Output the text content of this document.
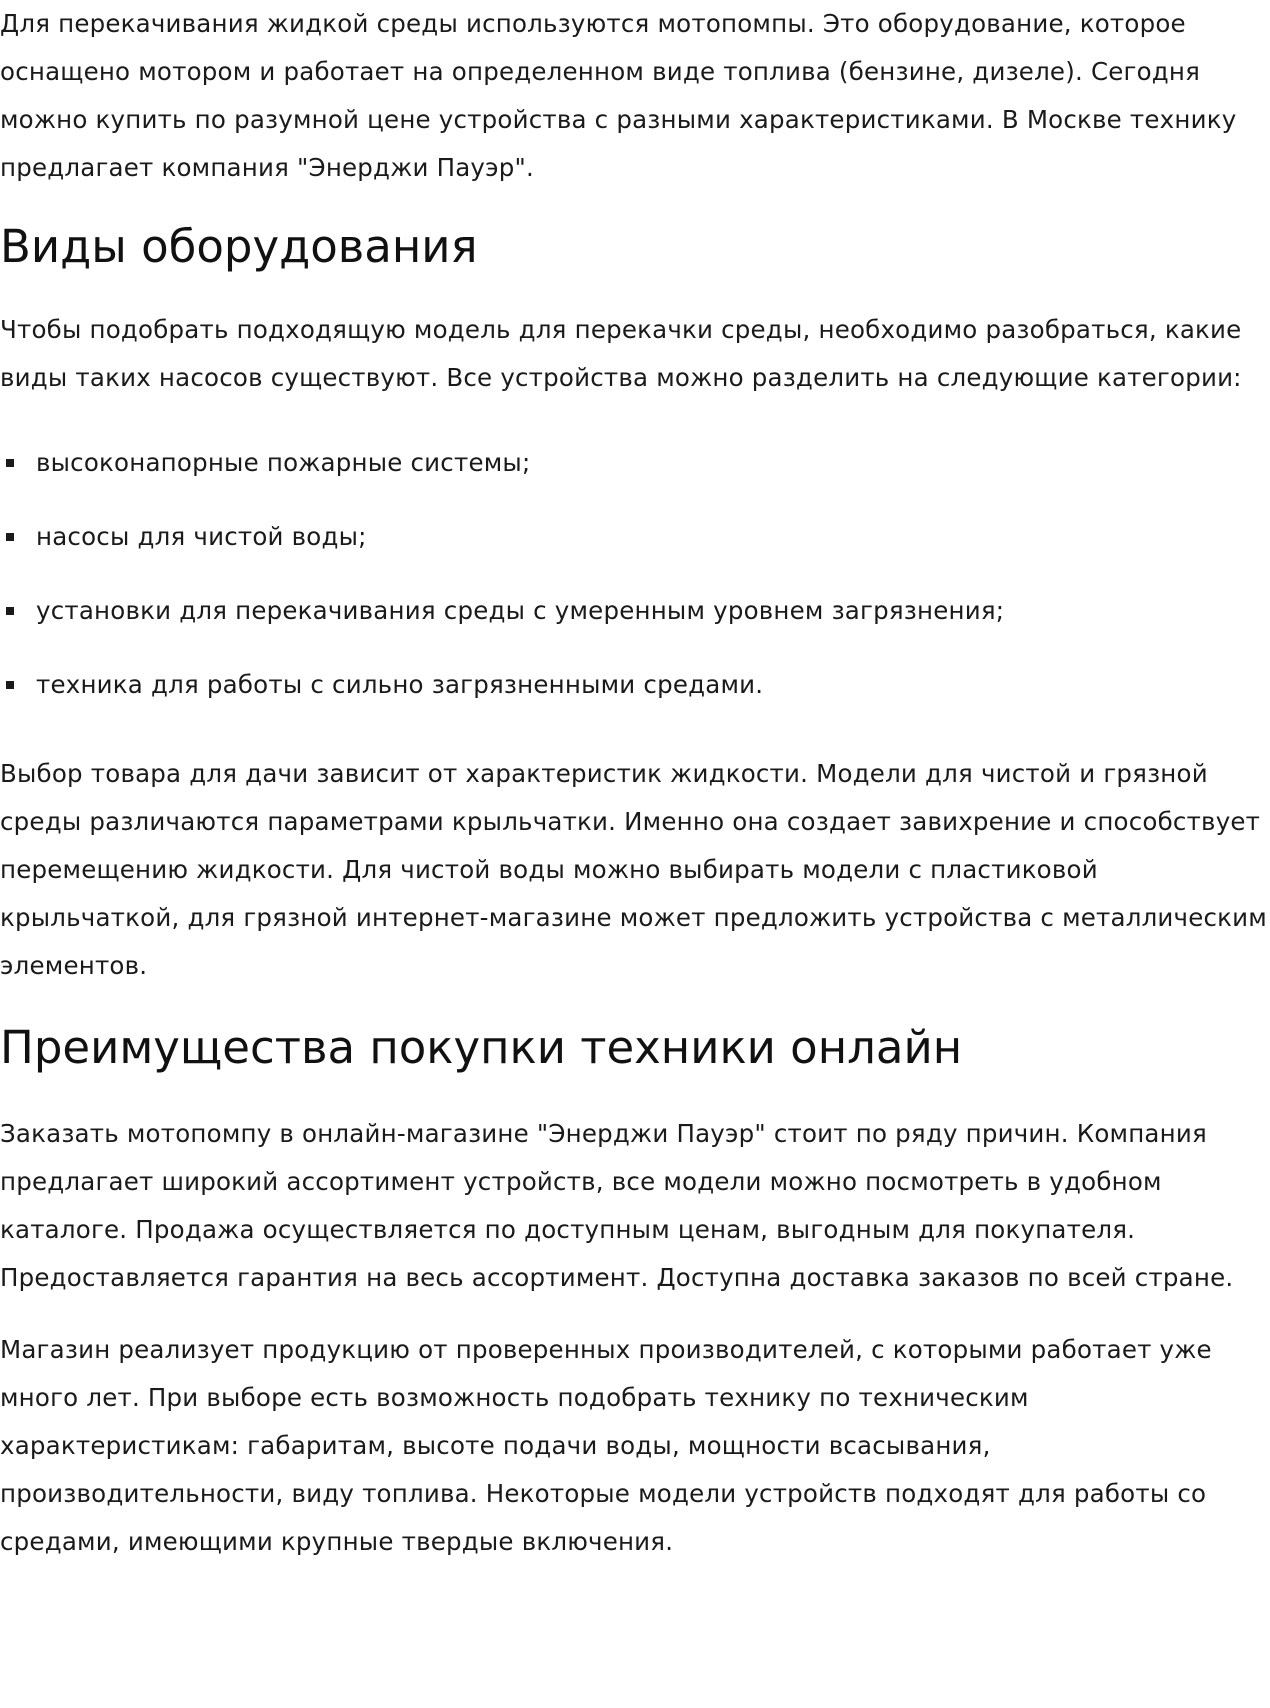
Для перекачивания жидкой среды используются мотопомпы. Это оборудование, которое оснащено мотором и работает на определенном виде топлива (бензине, дизеле). Сегодня можно купить по разумной цене устройства с разными характеристиками. В Москве технику предлагает компания "Энерджи Пауэр".

Виды оборудования

Чтобы подобрать подходящую модель для перекачки среды, необходимо разобраться, какие виды таких насосов существуют. Все устройства можно разделить на следующие категории:

высоконапорные пожарные системы;
насосы для чистой воды;
установки для перекачивания среды с умеренным уровнем загрязнения;
техника для работы с сильно загрязненными средами.

Выбор товара для дачи зависит от характеристик жидкости. Модели для чистой и грязной среды различаются параметрами крыльчатки. Именно она создает завихрение и способствует перемещению жидкости. Для чистой воды можно выбирать модели с пластиковой крыльчаткой, для грязной интернет-магазине может предложить устройства с металлическим элементов.

Преимущества покупки техники онлайн

Заказать мотопомпу в онлайн-магазине "Энерджи Пауэр" стоит по ряду причин. Компания предлагает широкий ассортимент устройств, все модели можно посмотреть в удобном каталоге. Продажа осуществляется по доступным ценам, выгодным для покупателя. Предоставляется гарантия на весь ассортимент. Доступна доставка заказов по всей стране.

Магазин реализует продукцию от проверенных производителей, с которыми работает уже много лет. При выборе есть возможность подобрать технику по техническим характеристикам: габаритам, высоте подачи воды, мощности всасывания, производительности, виду топлива. Некоторые модели устройств подходят для работы со средами, имеющими крупные твердые включения.
